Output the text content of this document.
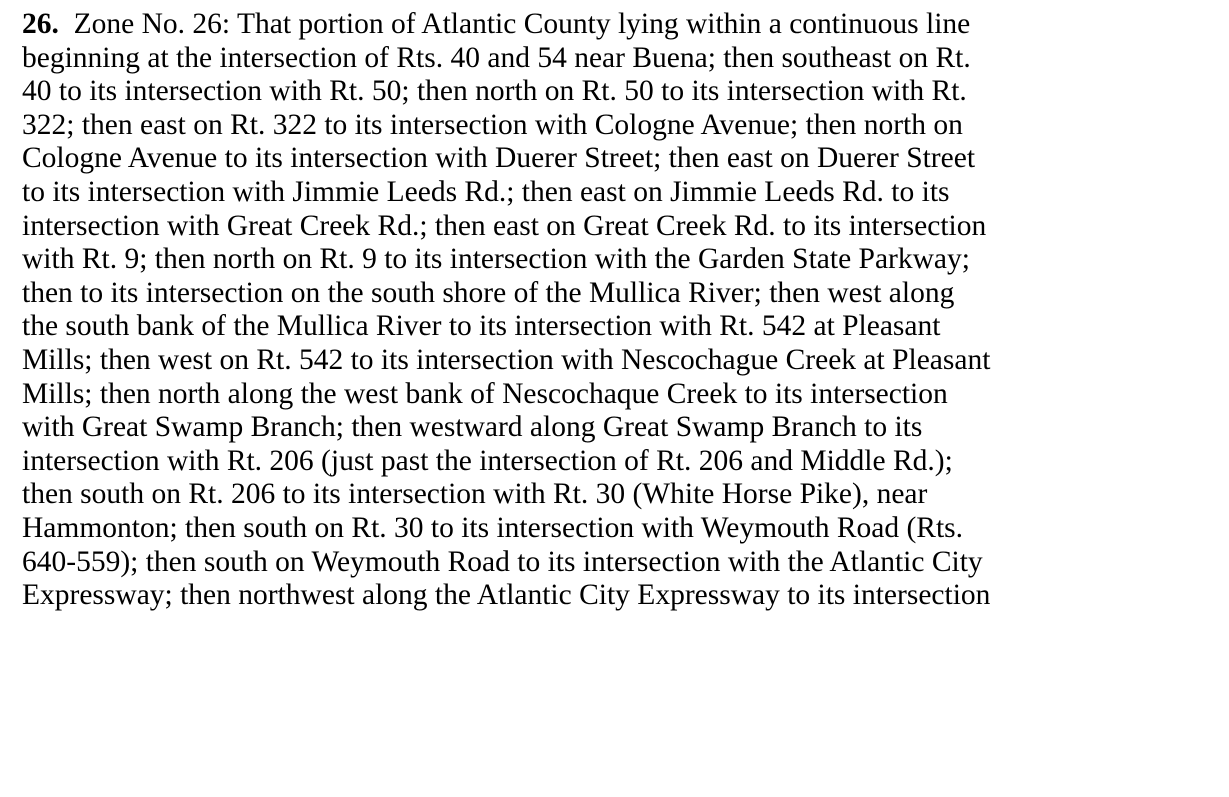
26. Zone No. 26: That portion of Atlantic County lying within a continuous line
beginning at the intersection of Rts. 40 and 54 near Buena; then southeast on Rt.
40 to its intersection with Rt. 50; then north on Rt. 50 to its intersection with Rt.
322; then east on Rt. 322 to its intersection with Cologne Avenue; then north on
Cologne Avenue to its intersection with Duerer Street; then east on Duerer Street
to its intersection with Jimmie Leeds Rd.; then east on Jimmie Leeds Rd. to its
intersection with Great Creek Rd.; then east on Great Creek Rd. to its intersection
with Rt. 9; then north on Rt. 9 to its intersection with the Garden State Parkway;
then to its intersection on the south shore of the Mullica River; then west along
the south bank of the Mullica River to its intersection with Rt. 542 at Pleasant
Mills; then west on Rt. 542 to its intersection with Nescochague Creek at Pleasant
Mills; then north along the west bank of Nescochaque Creek to its intersection
with Great Swamp Branch; then westward along Great Swamp Branch to its
intersection with Rt. 206 (just past the intersection of Rt. 206 and Middle Rd.);
then south on Rt. 206 to its intersection with Rt. 30 (White Horse Pike), near
Hammonton; then south on Rt. 30 to its intersection with Weymouth Road (Rts.
640-559); then south on Weymouth Road to its intersection with the Atlantic City
Expressway; then northwest along the Atlantic City Expressway to its intersection
